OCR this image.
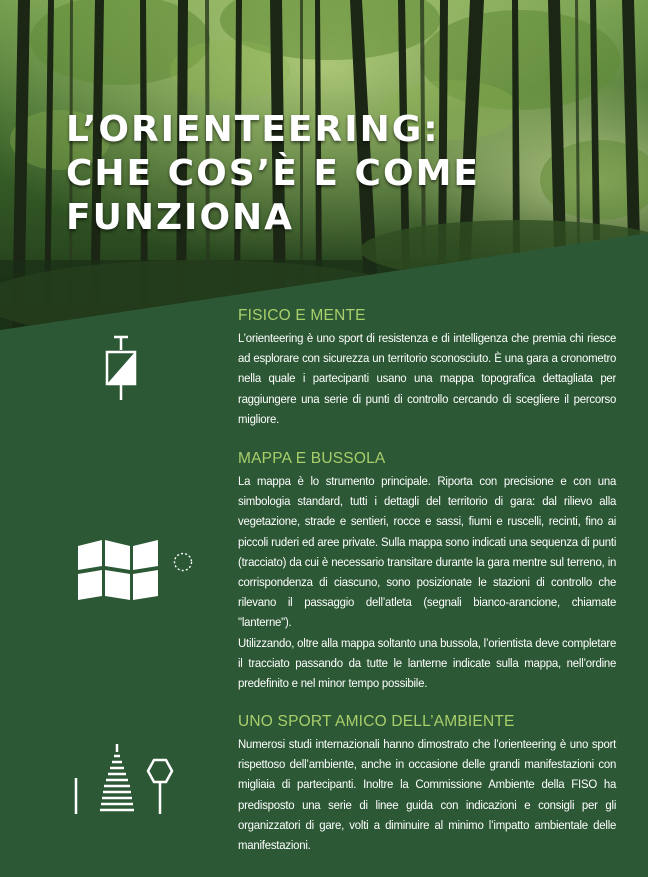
L’ORIENTEERING:
CHE COS’È E COME
FUNZIONA
FISICO E MENTE

L’orienteering è uno sport di resistenza e di intelligenza che premia chi riesce ad esplorare con sicurezza un territorio sconosciuto. È una gara a cronometro nella quale i partecipanti usano una mappa topografica dettagliata per raggiungere una serie di punti di controllo cercando di scegliere il percorso migliore.

MAPPA E BUSSOLA

La mappa è lo strumento principale. Riporta con precisione e con una simbologia standard, tutti i dettagli del territorio di gara: dal rilievo alla vegetazione, strade e sentieri, rocce e sassi, fiumi e ruscelli, recinti, fino ai piccoli ruderi ed aree private. Sulla mappa sono indicati una sequenza di punti (tracciato) da cui è necessario transitare durante la gara mentre sul terreno, in corrispondenza di ciascuno, sono posizionate le stazioni di controllo che rilevano il passaggio dell’atleta (segnali bianco-arancione, chiamate "lanterne").

Utilizzando, oltre alla mappa soltanto una bussola, l’orientista deve completare il tracciato passando da tutte le lanterne indicate sulla mappa, nell’ordine predefinito e nel minor tempo possibile.

UNO SPORT AMICO DELL’AMBIENTE

Numerosi studi internazionali hanno dimostrato che l’orienteering è uno sport rispettoso dell’ambiente, anche in occasione delle grandi manifestazioni con migliaia di partecipanti. Inoltre la Commissione Ambiente della FISO ha predisposto una serie di linee guida con indicazioni e consigli per gli organizzatori di gare, volti a diminuire al minimo l’impatto ambientale delle manifestazioni.
